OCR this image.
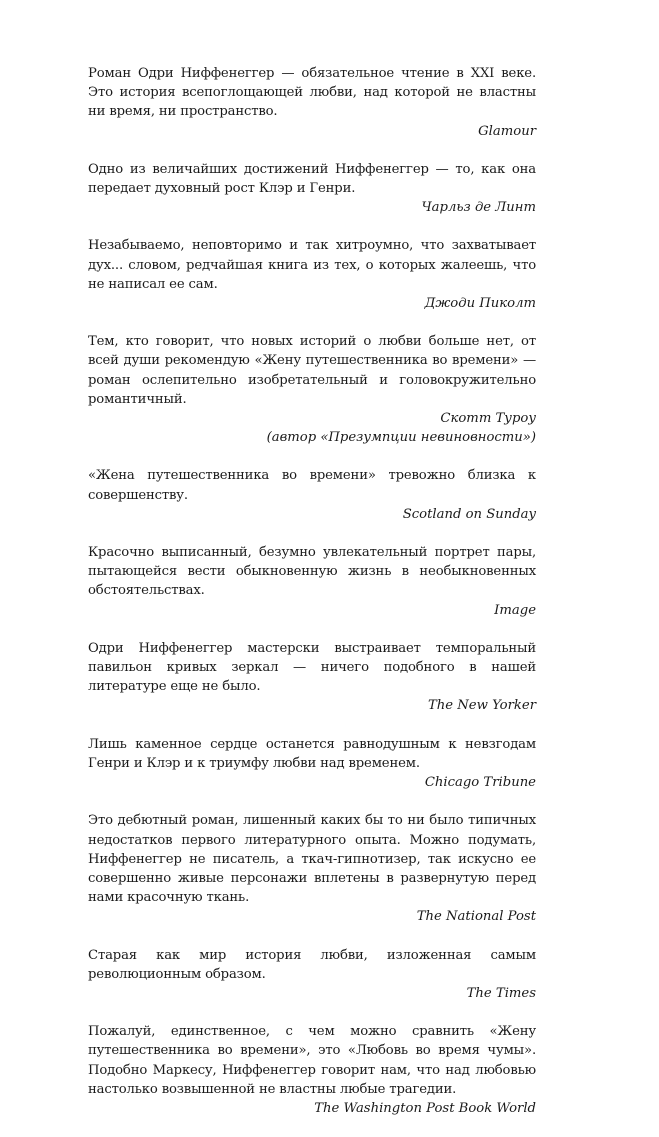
Роман Одри Ниффенеггер — обязательное чтение в XXI веке. Это история всепоглощающей любви, над которой не властны ни время, ни пространство.

Glamour

Одно из величайших достижений Ниффенеггер — то, как она передает духовный рост Клэр и Генри.

Чарльз де Линт

Незабываемо, неповторимо и так хитроумно, что захватывает дух... словом, редчайшая книга из тех, о которых жалеешь, что не написал ее сам.

Джоди Пиколт

Тем, кто говорит, что новых историй о любви больше нет, от всей души рекомендую «Жену путешественника во времени» — роман ослепительно изобретательный и головокружительно романтичный.

Скотт Туроу
(автор «Презумпции невиновности»)

«Жена путешественника во времени» тревожно близка к совершенству.

Scotland on Sunday

Красочно выписанный, безумно увлекательный портрет пары, пытающейся вести обыкновенную жизнь в необыкновенных обстоятельствах.

Image

Одри Ниффенеггер мастерски выстраивает темпоральный павильон кривых зеркал — ничего подобного в нашей литературе еще не было.

The New Yorker

Лишь каменное сердце останется равнодушным к невзгодам Генри и Клэр и к триумфу любви над временем.

Chicago Tribune

Это дебютный роман, лишенный каких бы то ни было типичных недостатков первого литературного опыта. Можно подумать, Ниффенеггер не писатель, а ткач-гипнотизер, так искусно ее совершенно живые персонажи вплетены в развернутую перед нами красочную ткань.

The National Post

Старая как мир история любви, изложенная самым революционным образом.

The Times

Пожалуй, единственное, с чем можно сравнить «Жену путешественника во времени», это «Любовь во время чумы». Подобно Маркесу, Ниффенеггер говорит нам, что над любовью настолько возвышенной не властны любые трагедии.

The Washington Post Book World
